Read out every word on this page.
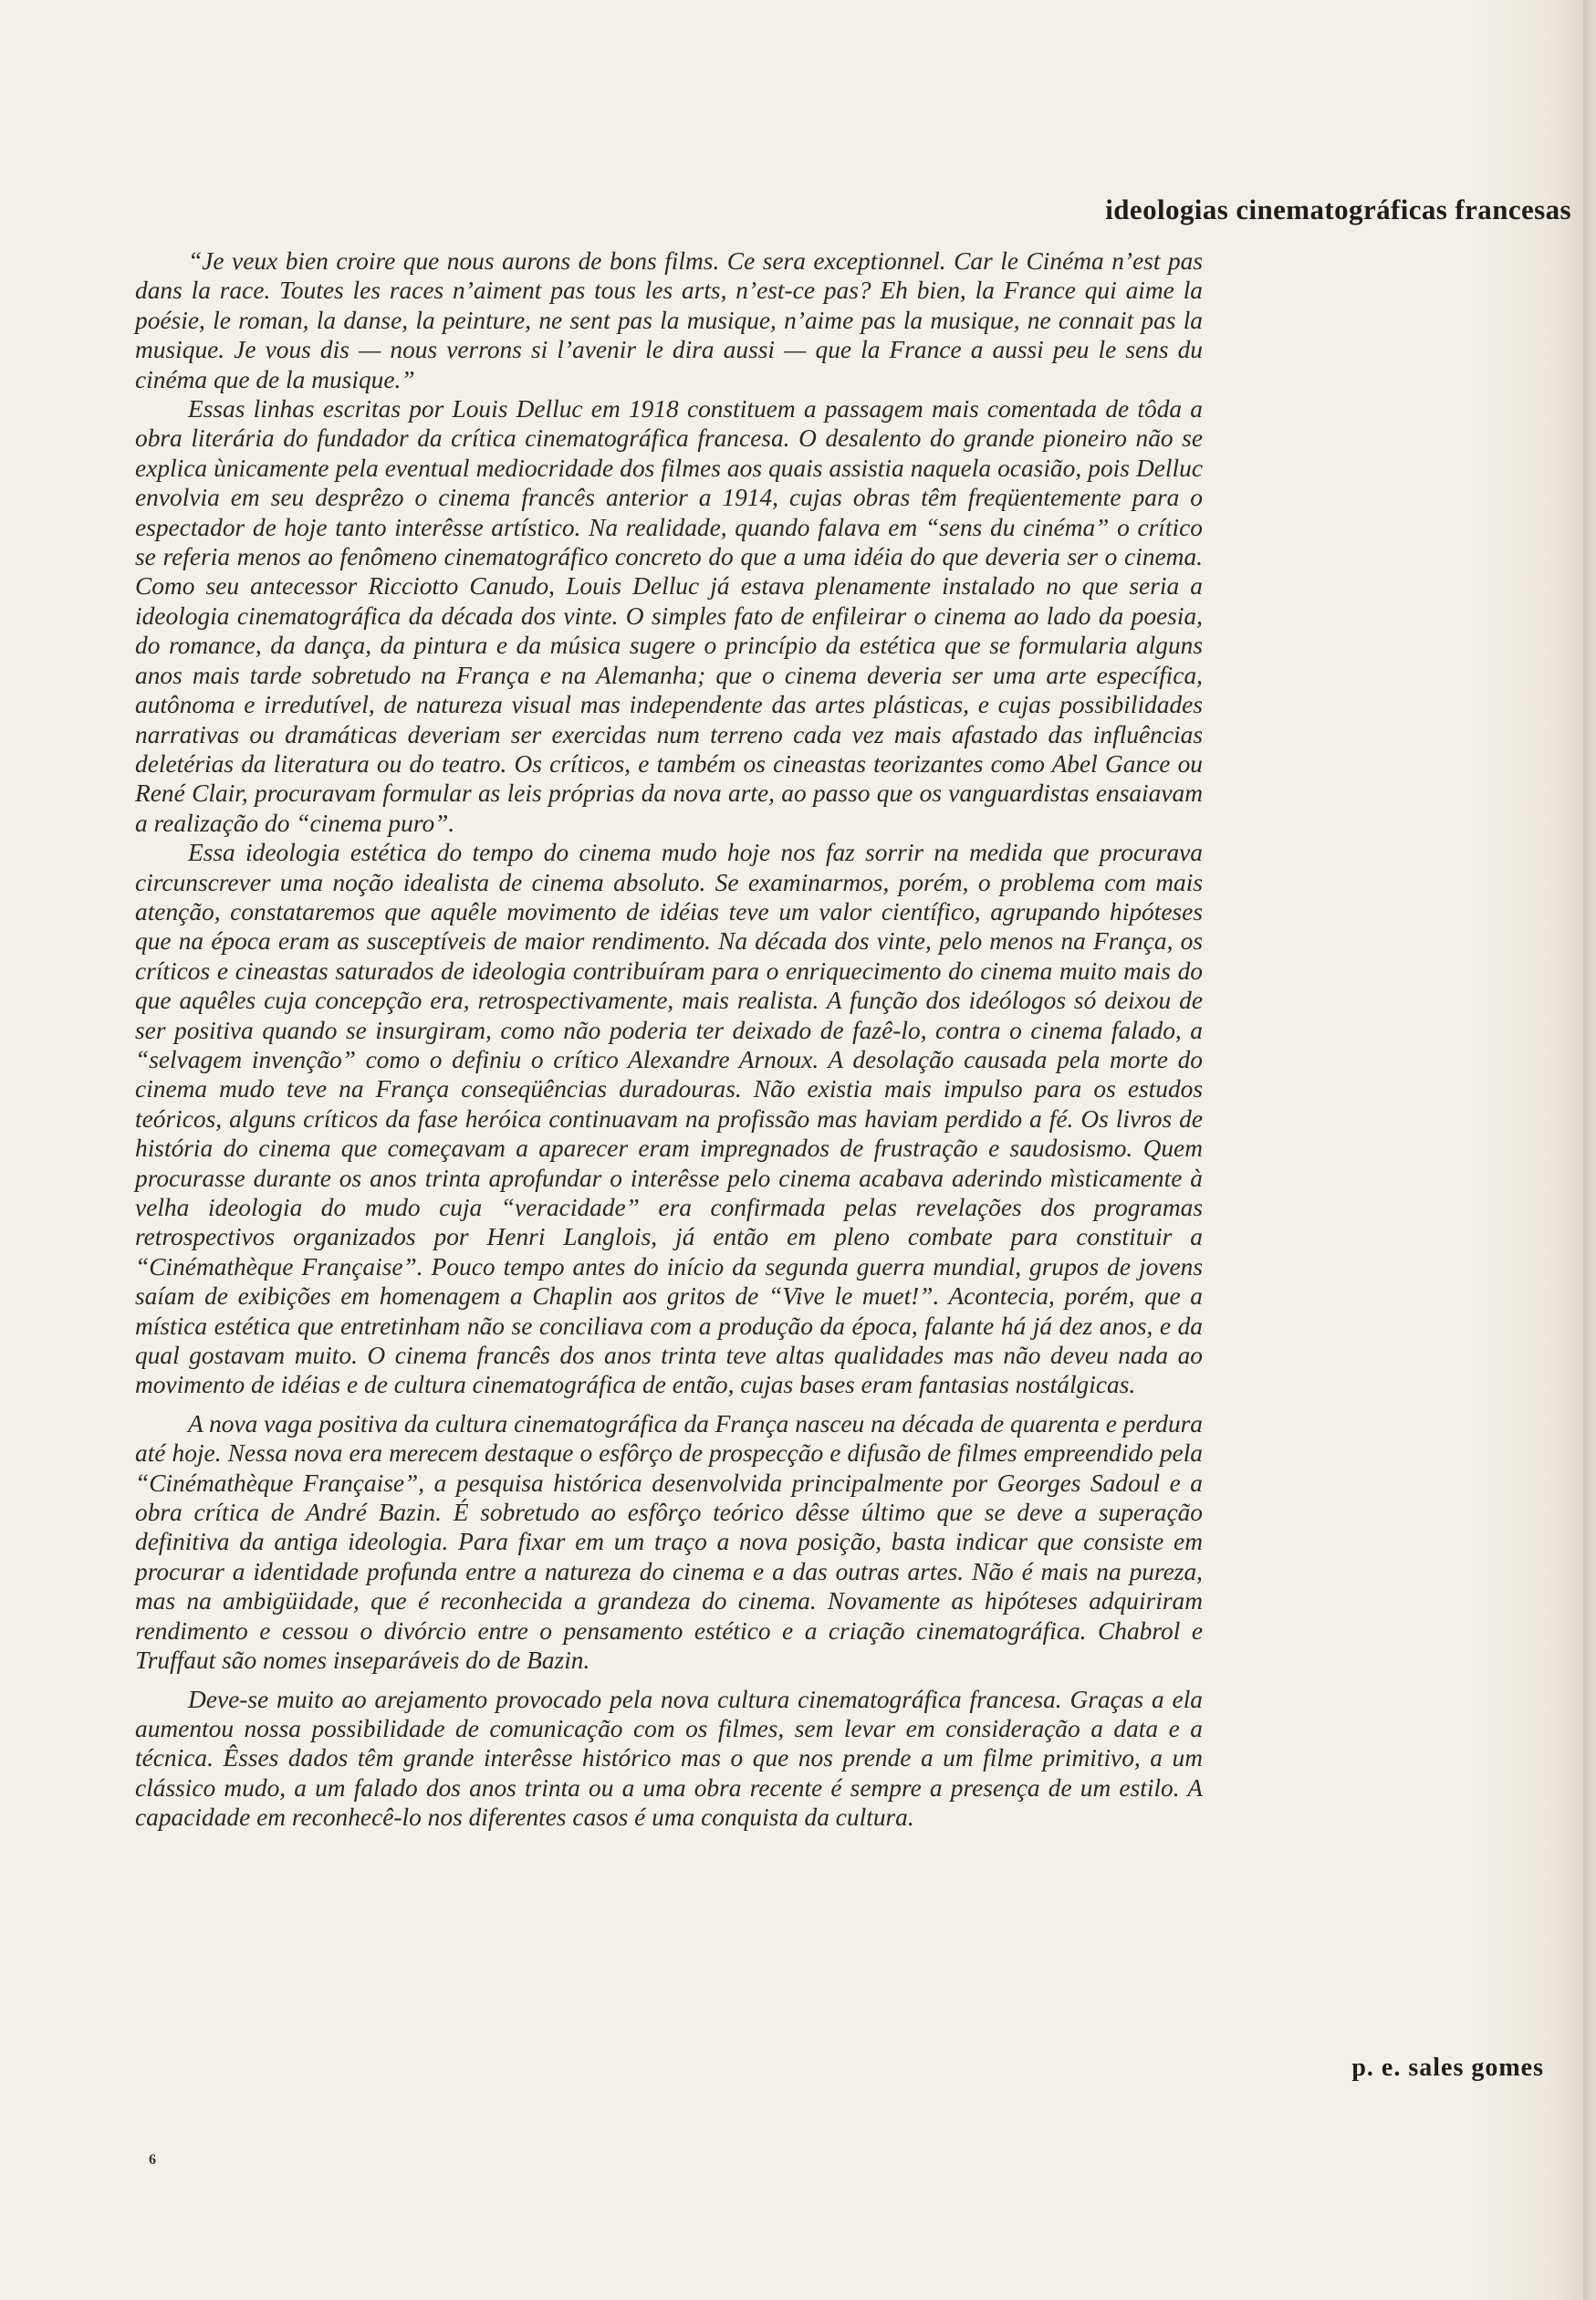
ideologias cinematográficas francesas

“Je veux bien croire que nous aurons de bons films. Ce sera exceptionnel. Car le Cinéma n’est pas dans la race. Toutes les races n’aiment pas tous les arts, n’est-ce pas? Eh bien, la France qui aime la poésie, le roman, la danse, la peinture, ne sent pas la musique, n’aime pas la musique, ne connait pas la musique. Je vous dis — nous verrons si l’avenir le dira aussi — que la France a aussi peu le sens du cinéma que de la musique.”

Essas linhas escritas por Louis Delluc em 1918 constituem a passagem mais comentada de tôda a obra literária do fundador da crítica cinematográfica francesa. O desalento do grande pioneiro não se explica ùnicamente pela eventual mediocridade dos filmes aos quais assistia naquela ocasião, pois Delluc envolvia em seu desprêzo o cinema francês anterior a 1914, cujas obras têm freqüentemente para o espectador de hoje tanto interêsse artístico. Na realidade, quando falava em “sens du cinéma” o crítico se referia menos ao fenômeno cinematográfico concreto do que a uma idéia do que deveria ser o cinema. Como seu antecessor Ricciotto Canudo, Louis Delluc já estava plenamente instalado no que seria a ideologia cinematográfica da década dos vinte. O simples fato de enfileirar o cinema ao lado da poesia, do romance, da dança, da pintura e da música sugere o princípio da estética que se formularia alguns anos mais tarde sobretudo na França e na Alemanha; que o cinema deveria ser uma arte específica, autônoma e irredutível, de natureza visual mas independente das artes plásticas, e cujas possibilidades narrativas ou dramáticas deveriam ser exercidas num terreno cada vez mais afastado das influências deletérias da literatura ou do teatro. Os críticos, e também os cineastas teorizantes como Abel Gance ou René Clair, procuravam formular as leis próprias da nova arte, ao passo que os vanguardistas ensaiavam a realização do “cinema puro”.

Essa ideologia estética do tempo do cinema mudo hoje nos faz sorrir na medida que procurava circunscrever uma noção idealista de cinema absoluto. Se examinarmos, porém, o problema com mais atenção, constataremos que aquêle movimento de idéias teve um valor científico, agrupando hipóteses que na época eram as susceptíveis de maior rendimento. Na década dos vinte, pelo menos na França, os críticos e cineastas saturados de ideologia contribuíram para o enriquecimento do cinema muito mais do que aquêles cuja concepção era, retrospectivamente, mais realista. A função dos ideólogos só deixou de ser positiva quando se insurgiram, como não poderia ter deixado de fazê-lo, contra o cinema falado, a “selvagem invenção” como o definiu o crítico Alexandre Arnoux. A desolação causada pela morte do cinema mudo teve na França conseqüências duradouras. Não existia mais impulso para os estudos teóricos, alguns críticos da fase heróica continuavam na profissão mas haviam perdido a fé. Os livros de história do cinema que começavam a aparecer eram impregnados de frustração e saudosismo. Quem procurasse durante os anos trinta aprofundar o interêsse pelo cinema acabava aderindo mìsticamente à velha ideologia do mudo cuja “veracidade” era confirmada pelas revelações dos programas retrospectivos organizados por Henri Langlois, já então em pleno combate para constituir a “Cinémathèque Française”. Pouco tempo antes do início da segunda guerra mundial, grupos de jovens saíam de exibições em homenagem a Chaplin aos gritos de “Vive le muet!”. Acontecia, porém, que a mística estética que entretinham não se conciliava com a produção da época, falante há já dez anos, e da qual gostavam muito. O cinema francês dos anos trinta teve altas qualidades mas não deveu nada ao movimento de idéias e de cultura cinematográfica de então, cujas bases eram fantasias nostálgicas.

A nova vaga positiva da cultura cinematográfica da França nasceu na década de quarenta e perdura até hoje. Nessa nova era merecem destaque o esfôrço de prospecção e difusão de filmes empreendido pela “Cinémathèque Française”, a pesquisa histórica desenvolvida principalmente por Georges Sadoul e a obra crítica de André Bazin. É sobretudo ao esfôrço teórico dêsse último que se deve a superação definitiva da antiga ideologia. Para fixar em um traço a nova posição, basta indicar que consiste em procurar a identidade profunda entre a natureza do cinema e a das outras artes. Não é mais na pureza, mas na ambigüidade, que é reconhecida a grandeza do cinema. Novamente as hipóteses adquiriram rendimento e cessou o divórcio entre o pensamento estético e a criação cinematográfica. Chabrol e Truffaut são nomes inseparáveis do de Bazin.

Deve-se muito ao arejamento provocado pela nova cultura cinematográfica francesa. Graças a ela aumentou nossa possibilidade de comunicação com os filmes, sem levar em consideração a data e a técnica. Êsses dados têm grande interêsse histórico mas o que nos prende a um filme primitivo, a um clássico mudo, a um falado dos anos trinta ou a uma obra recente é sempre a presença de um estilo. A capacidade em reconhecê-lo nos diferentes casos é uma conquista da cultura.

p. e. sales gomes
6
